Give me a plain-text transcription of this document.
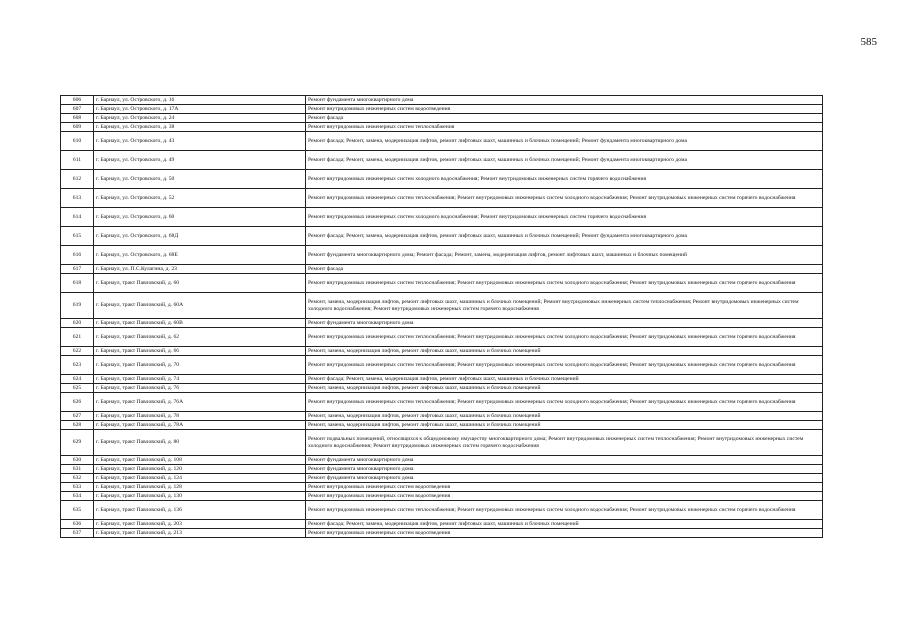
585
606	г. Барнаул, ул. Островского, д. 16	Ремонт фундамента многоквартирного дома
607	г. Барнаул, ул. Островского, д. 17А	Ремонт внутридомовых инженерных систем водоотведения
608	г. Барнаул, ул. Островского, д. 24	Ремонт фасада
609	г. Барнаул, ул. Островского, д. 38	Ремонт внутридомовых инженерных систем теплоснабжения
610	г. Барнаул, ул. Островского, д. 43	Ремонт фасада; Ремонт, замена, модернизация лифтов, ремонт лифтовых шахт, машинных и блочных помещений; Ремонт фундамента многоквартирного дома
611	г. Барнаул, ул. Островского, д. 49	Ремонт фасада; Ремонт, замена, модернизация лифтов, ремонт лифтовых шахт, машинных и блочных помещений; Ремонт фундамента многоквартирного дома
612	г. Барнаул, ул. Островского, д. 50	Ремонт внутридомовых инженерных систем холодного водоснабжения; Ремонт внутридомовых инженерных систем горячего водоснабжения
613	г. Барнаул, ул. Островского, д. 52	Ремонт внутридомовых инженерных систем теплоснабжения; Ремонт внутридомовых инженерных систем холодного водоснабжения; Ремонт внутридомовых инженерных систем горячего водоснабжения
614	г. Барнаул, ул. Островского, д. 60	Ремонт внутридомовых инженерных систем холодного водоснабжения; Ремонт внутридомовых инженерных систем горячего водоснабжения
615	г. Барнаул, ул. Островского, д. 68Д	Ремонт фасада; Ремонт, замена, модернизация лифтов, ремонт лифтовых шахт, машинных и блочных помещений; Ремонт фундамента многоквартирного дома
616	г. Барнаул, ул. Островского, д. 68Е	Ремонт фундамента многоквартирного дома; Ремонт фасада; Ремонт, замена, модернизация лифтов, ремонт лифтовых шахт, машинных и блочных помещений
617	г. Барнаул, ул. П.С.Кулагина, д. 23	Ремонт фасада
618	г. Барнаул, тракт Павловский, д. 60	Ремонт внутридомовых инженерных систем теплоснабжения; Ремонт внутридомовых инженерных систем холодного водоснабжения; Ремонт внутридомовых инженерных систем горячего водоснабжения
619	г. Барнаул, тракт Павловский, д. 60А	Ремонт, замена, модернизация лифтов, ремонт лифтовых шахт, машинных и блочных помещений; Ремонт внутридомовых инженерных систем теплоснабжения; Ремонт внутридомовых инженерных систем холодного водоснабжения; Ремонт внутридомовых инженерных систем горячего водоснабжения
620	г. Барнаул, тракт Павловский, д. 60В	Ремонт фундамента многоквартирного дома
621	г. Барнаул, тракт Павловский, д. 62	Ремонт внутридомовых инженерных систем теплоснабжения; Ремонт внутридомовых инженерных систем холодного водоснабжения; Ремонт внутридомовых инженерных систем горячего водоснабжения
622	г. Барнаул, тракт Павловский, д. 66	Ремонт, замена, модернизация лифтов, ремонт лифтовых шахт, машинных и блочных помещений
623	г. Барнаул, тракт Павловский, д. 70	Ремонт внутридомовых инженерных систем теплоснабжения; Ремонт внутридомовых инженерных систем холодного водоснабжения; Ремонт внутридомовых инженерных систем горячего водоснабжения
624	г. Барнаул, тракт Павловский, д. 74	Ремонт фасада; Ремонт, замена, модернизация лифтов, ремонт лифтовых шахт, машинных и блочных помещений
625	г. Барнаул, тракт Павловский, д. 76	Ремонт, замена, модернизация лифтов, ремонт лифтовых шахт, машинных и блочных помещений
626	г. Барнаул, тракт Павловский, д. 76А	Ремонт внутридомовых инженерных систем теплоснабжения; Ремонт внутридомовых инженерных систем холодного водоснабжения; Ремонт внутридомовых инженерных систем горячего водоснабжения
627	г. Барнаул, тракт Павловский, д. 78	Ремонт, замена, модернизация лифтов, ремонт лифтовых шахт, машинных и блочных помещений
628	г. Барнаул, тракт Павловский, д. 78А	Ремонт, замена, модернизация лифтов, ремонт лифтовых шахт, машинных и блочных помещений
629	г. Барнаул, тракт Павловский, д. 80	Ремонт подвальных помещений, относящихся к общедомовому имуществу многоквартирного дома; Ремонт внутридомовых инженерных систем теплоснабжения; Ремонт внутридомовых инженерных систем холодного водоснабжения; Ремонт внутридомовых инженерных систем горячего водоснабжения
630	г. Барнаул, тракт Павловский, д. 108	Ремонт фундамента многоквартирного дома
631	г. Барнаул, тракт Павловский, д. 120	Ремонт фундамента многоквартирного дома
632	г. Барнаул, тракт Павловский, д. 124	Ремонт фундамента многоквартирного дома
633	г. Барнаул, тракт Павловский, д. 128	Ремонт внутридомовых инженерных систем водоотведения
634	г. Барнаул, тракт Павловский, д. 130	Ремонт внутридомовых инженерных систем водоотведения
635	г. Барнаул, тракт Павловский, д. 136	Ремонт внутридомовых инженерных систем теплоснабжения; Ремонт внутридомовых инженерных систем холодного водоснабжения; Ремонт внутридомовых инженерных систем горячего водоснабжения
636	г. Барнаул, тракт Павловский, д. 203	Ремонт фасада; Ремонт, замена, модернизация лифтов, ремонт лифтовых шахт, машинных и блочных помещений
637	г. Барнаул, тракт Павловский, д. 213	Ремонт внутридомовых инженерных систем водоотведения
